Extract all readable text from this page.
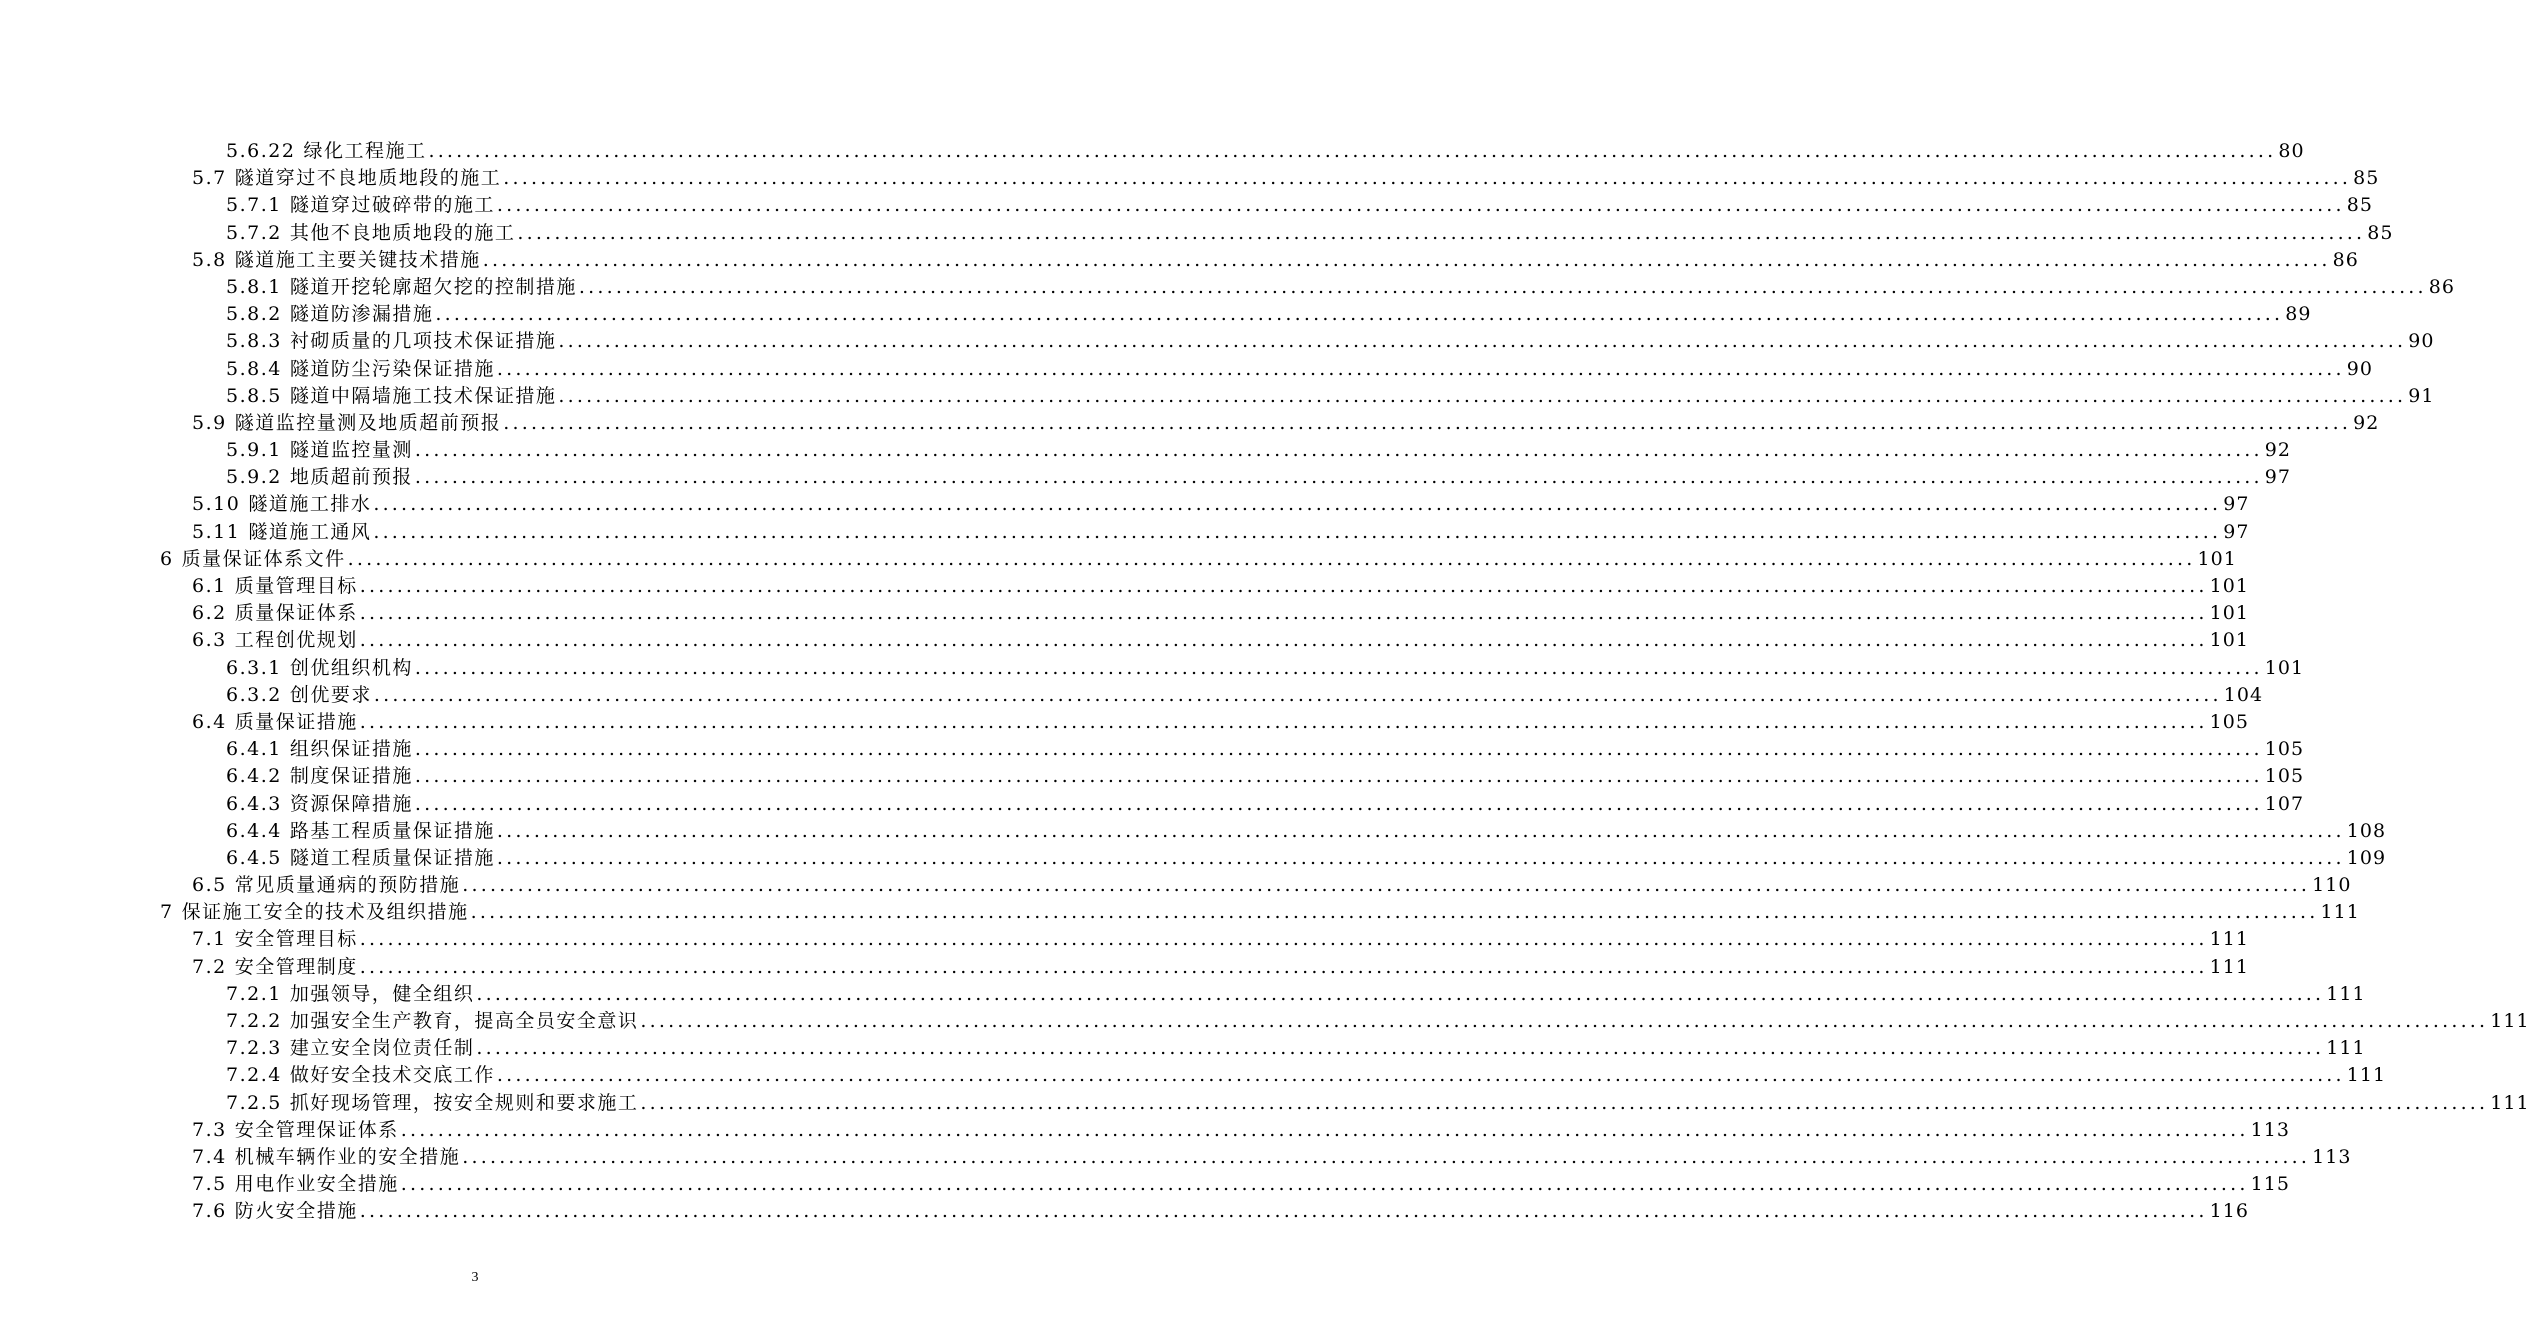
5.6.22 绿化工程施工 ........................................................................................................................................................................................................ 80
5.7 隧道穿过不良地质地段的施工 ........................................................................................................................................................................................................ 85
5.7.1 隧道穿过破碎带的施工 ........................................................................................................................................................................................................ 85
5.7.2 其他不良地质地段的施工 ........................................................................................................................................................................................................ 85
5.8 隧道施工主要关键技术措施 ........................................................................................................................................................................................................ 86
5.8.1 隧道开挖轮廓超欠挖的控制措施 ........................................................................................................................................................................................................ 86
5.8.2 隧道防渗漏措施 ........................................................................................................................................................................................................ 89
5.8.3 衬砌质量的几项技术保证措施 ........................................................................................................................................................................................................ 90
5.8.4 隧道防尘污染保证措施 ........................................................................................................................................................................................................ 90
5.8.5 隧道中隔墙施工技术保证措施 ........................................................................................................................................................................................................ 91
5.9 隧道监控量测及地质超前预报 ........................................................................................................................................................................................................ 92
5.9.1 隧道监控量测 ........................................................................................................................................................................................................ 92
5.9.2 地质超前预报 ........................................................................................................................................................................................................ 97
5.10 隧道施工排水 ........................................................................................................................................................................................................ 97
5.11 隧道施工通风 ........................................................................................................................................................................................................ 97
6 质量保证体系文件 ........................................................................................................................................................................................................ 101
6.1 质量管理目标 ........................................................................................................................................................................................................ 101
6.2 质量保证体系 ........................................................................................................................................................................................................ 101
6.3 工程创优规划 ........................................................................................................................................................................................................ 101
6.3.1 创优组织机构 ........................................................................................................................................................................................................ 101
6.3.2 创优要求 ........................................................................................................................................................................................................ 104
6.4 质量保证措施 ........................................................................................................................................................................................................ 105
6.4.1 组织保证措施 ........................................................................................................................................................................................................ 105
6.4.2 制度保证措施 ........................................................................................................................................................................................................ 105
6.4.3 资源保障措施 ........................................................................................................................................................................................................ 107
6.4.4 路基工程质量保证措施 ........................................................................................................................................................................................................ 108
6.4.5 隧道工程质量保证措施 ........................................................................................................................................................................................................ 109
6.5 常见质量通病的预防措施 ........................................................................................................................................................................................................ 110
7 保证施工安全的技术及组织措施 ........................................................................................................................................................................................................ 111
7.1 安全管理目标 ........................................................................................................................................................................................................ 111
7.2 安全管理制度 ........................................................................................................................................................................................................ 111
7.2.1 加强领导，健全组织 ........................................................................................................................................................................................................ 111
7.2.2 加强安全生产教育，提高全员安全意识 ........................................................................................................................................................................................................ 111
7.2.3 建立安全岗位责任制 ........................................................................................................................................................................................................ 111
7.2.4 做好安全技术交底工作 ........................................................................................................................................................................................................ 111
7.2.5 抓好现场管理，按安全规则和要求施工 ........................................................................................................................................................................................................ 111
7.3 安全管理保证体系 ........................................................................................................................................................................................................ 113
7.4 机械车辆作业的安全措施 ........................................................................................................................................................................................................ 113
7.5 用电作业安全措施 ........................................................................................................................................................................................................ 115
7.6 防火安全措施 ........................................................................................................................................................................................................ 116
3
